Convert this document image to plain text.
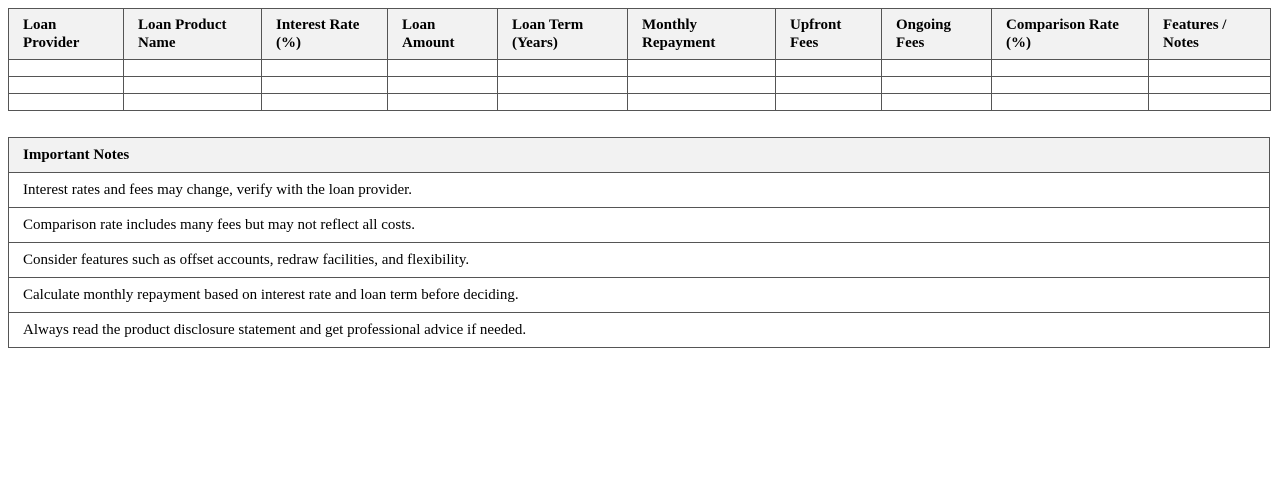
Loan Provider	Loan Product Name	Interest Rate (%)	Loan Amount	Loan Term (Years)	Monthly Repayment	Upfront Fees	Ongoing Fees	Comparison Rate (%)	Features / Notes

Important Notes
Interest rates and fees may change, verify with the loan provider.
Comparison rate includes many fees but may not reflect all costs.
Consider features such as offset accounts, redraw facilities, and flexibility.
Calculate monthly repayment based on interest rate and loan term before deciding.
Always read the product disclosure statement and get professional advice if needed.
